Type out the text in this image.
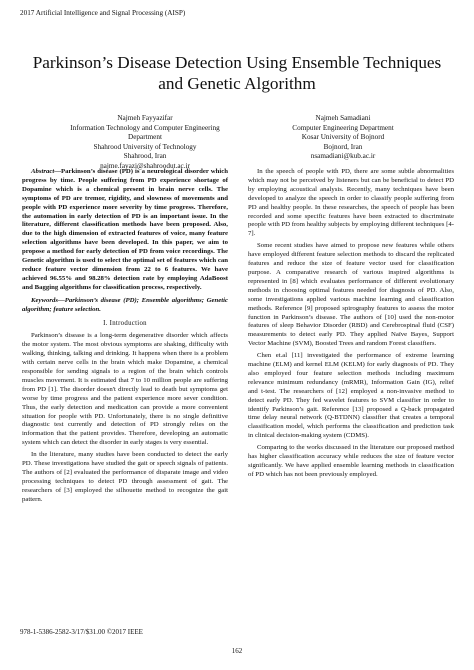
2017 Artificial Intelligence and Signal Processing (AISP)
Parkinson’s Disease Detection Using Ensemble Techniques and Genetic Algorithm
Najmeh Fayyazifar
Information Technology and Computer Engineering
Department
Shahrood University of Technology
Shahrood, Iran
najme.fayazi@shahroodut.ac.ir
Najmeh Samadiani
Computer Engineering Department
Kosar University of Bojnord
Bojnord, Iran
nsamadiani@kub.ac.ir

Abstract—Parkinson’s disease (PD) is a neurological disorder which progress by time. People suffering from PD experience shortage of Dopamine which is a chemical present in brain nerve cells. The symptoms of PD are tremor, rigidity, and slowness of movements and people with PD experience more severity by time progress. Therefore, the automation in early detection of PD is an important issue. In the literature, different classification methods have been proposed. Also, due to the high dimension of extracted features of voice, many feature selection algorithms have been developed. In this paper, we aim to propose a method for early detection of PD from voice recordings. The Genetic algorithm is used to select the optimal set of features which can reduce feature vector dimension from 22 to 6 features. We have achieved 96.55% and 98.28% detection rate by employing AdaBoost and Bagging algorithms for classification process, respectively.

Keywords—Parkinson’s disease (PD); Ensemble algorithms; Genetic algorithm; feature selection.

I. Introduction

Parkinson’s disease is a long-term degenerative disorder which affects the motor system. The most obvious symptoms are shaking, difficulty with walking, thinking, talking and drinking. It happens when there is a problem with certain nerve cells in the brain which make Dopamine, a chemical responsible for sending signals to a region of the brain which controls muscles movement. It is estimated that 7 to 10 million people are suffering from PD [1]. The disorder doesn't directly lead to death but symptoms get worse by time progress and the patient experience more sever condition. Thus, the early detection and medication can provide a more convenient situation for people with PD. Unfortunately, there is no single definitive diagnostic test currently and detection of PD strongly relies on the information that the patient provides. Therefore, developing an automatic system which can detect the disorder in early stages is very essential.

In the literature, many studies have been conducted to detect the early PD. These investigations have studied the gait or speech signals of patients. The authors of [2] evaluated the performance of disparate image and video processing techniques to detect PD through assessment of gait. The researchers of [3] employed the silhouette method to recognize the gait pattern.

In the speech of people with PD, there are some subtle abnormalities which may not be perceived by listeners but can be beneficial to detect PD by employing acoustical analysis. Recently, many techniques have been developed to analyze the speech in order to classify people suffering from PD and healthy people. In these researches, the speech of people has been recorded and some specific features have been extracted to discriminate people with PD from healthy subjects by employing different techniques [4-7].

Some recent studies have aimed to propose new features while others have employed different feature selection methods to discard the replicated features and reduce the size of feature vector used for classification purpose. A comparative research of various inspired algorithms is represented in [8] which evaluates performance of different evolutionary methods in choosing optimal features needed for diagnosis of PD. Also, some investigations applied various machine learning and classification methods. Reference [9] proposed spirography features to assess the motor function in Parkinson’s disease. The authors of [10] used the non-motor features of sleep Behavior Disorder (RBD) and Cerebrospinal fluid (CSF) measurements to detect early PD. They applied Naïve Bayes, Support Vector Machine (SVM), Boosted Trees and random Forest classifiers.

Chen et.al [11] investigated the performance of extreme learning machine (ELM) and kernel ELM (KELM) for early diagnosis of PD. They also employed four feature selection methods including maximum relevance minimum redundancy (mRMR), Information Gain (IG), relief and t-test. The researchers of [12] employed a non-invasive method to detect early PD. They fed wavelet features to SVM classifier in order to identify Parkinson’s gait. Reference [13] proposed a Q-back propagated time delay neural network (Q-BTDNN) classifier that creates a temporal classification model, which performs the classification and prediction task in clinical decision-making system (CDMS).

Comparing to the works discussed in the literature our proposed method has higher classification accuracy while reduces the size of feature vector significantly. We have applied ensemble learning methods in classification of PD which has not been previously employed.

978-1-5386-2582-3/17/$31.00 ©2017 IEEE
162
